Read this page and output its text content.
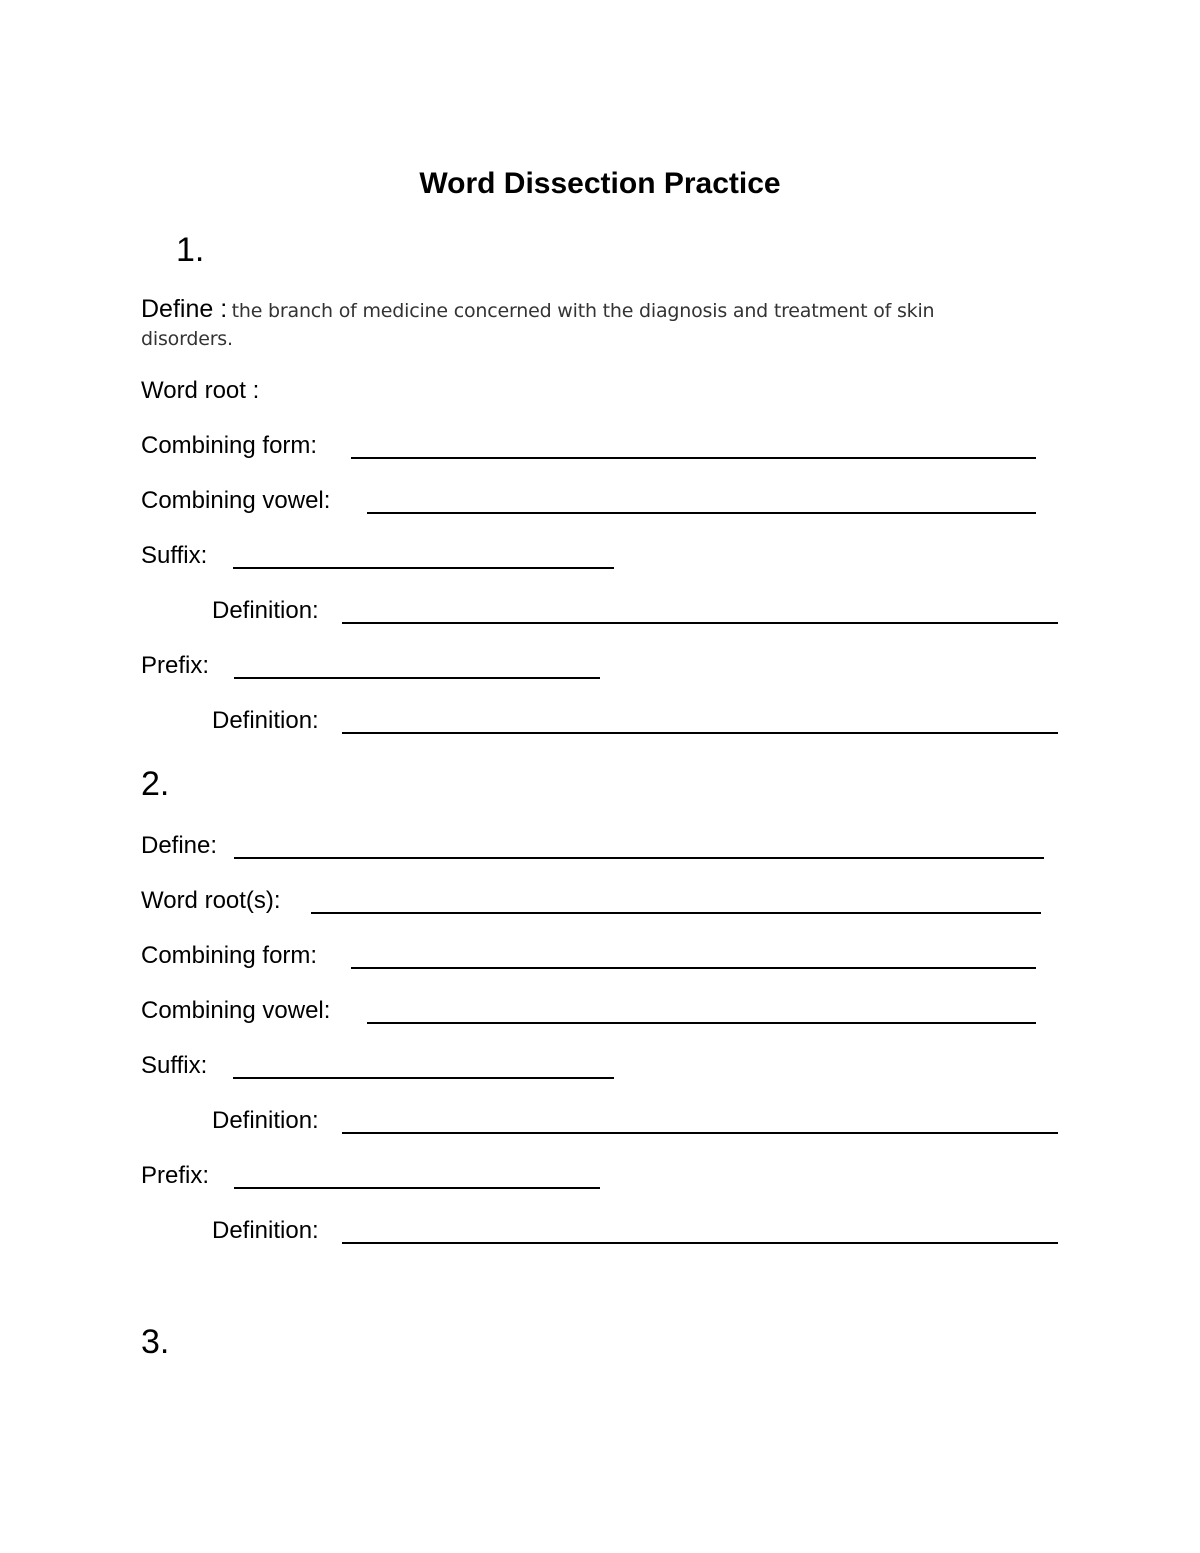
Word Dissection Practice
1.
Define : the branch of medicine concerned with the diagnosis and treatment of skin disorders.
Word root :
Combining form:
Combining vowel:
Suffix:
Definition:
Prefix:
Definition:
2.
Define:
Word root(s):
Combining form:
Combining vowel:
Suffix:
Definition:
Prefix:
Definition:
3.
